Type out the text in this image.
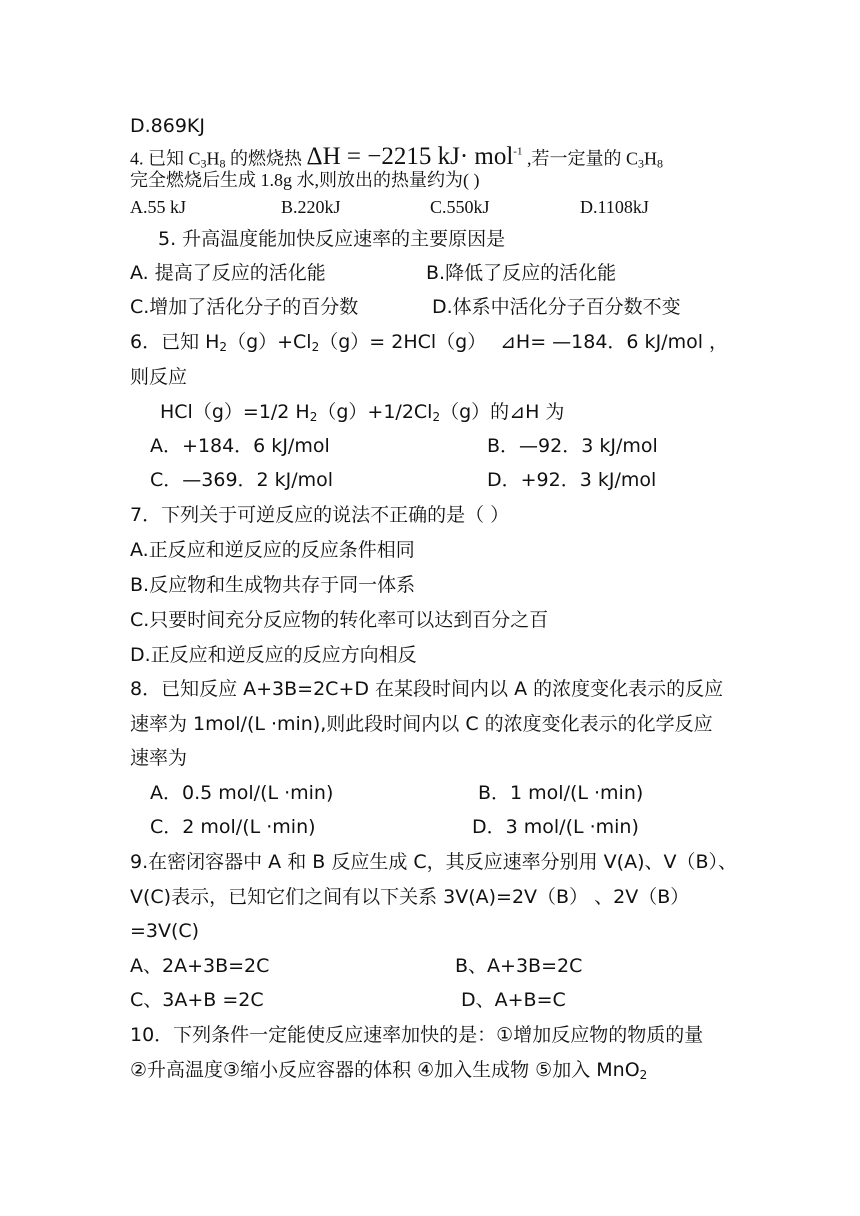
D.869KJ
4. 已知 $C_3H_8$ 的燃烧热 ΔH = −2215 kJ· mol$^{-1}$ ,若一定量的 $C_3H_8$
完全燃烧后生成 1.8g 水,则放出的热量约为( )
A.55 kJ	B.220kJ	C.550kJ	D.1108kJ
5. 升高温度能加快反应速率的主要原因是
A. 提高了反应的活化能	B.降低了反应的活化能
C.增加了活化分子的百分数	D.体系中活化分子百分数不变
6．已知 $H_2(g)+Cl_2(g)= 2HCl(g)$ ⊿H= —184．6 kJ/mol ，
则反应
HCl（g）=1/2 $H_2(g)+1/2Cl_2(g)$的⊿H 为
A．+184．6 kJ/mol	B．—92．3 kJ/mol
C．—369．2 kJ/mol	D．+92．3 kJ/mol
7．下列关于可逆反应的说法不正确的是（ ）
A.正反应和逆反应的反应条件相同
B.反应物和生成物共存于同一体系
C.只要时间充分反应物的转化率可以达到百分之百
D.正反应和逆反应的反应方向相反
8．已知反应 A+3B=2C+D 在某段时间内以 A 的浓度变化表示的反应
速率为 1mol/(L ·min),则此段时间内以 C 的浓度变化表示的化学反应
速率为
A．0.5 mol/(L ·min)	B．1 mol/(L ·min)
C．2 mol/(L ·min)	D．3 mol/(L ·min)
9.在密闭容器中 A 和 B 反应生成 C，其反应速率分别用 V(A)、V（B）、
V(C)表示，已知它们之间有以下关系 3V(A)=2V（B） 、2V（B）
=3V(C)
A、2A+3B=2C	B、A+3B=2C
C、3A+B =2C	D、A+B=C
10．下列条件一定能使反应速率加快的是：①增加反应物的物质的量
②升高温度③缩小反应容器的体积 ④加入生成物 ⑤加入 MnO$_2$
